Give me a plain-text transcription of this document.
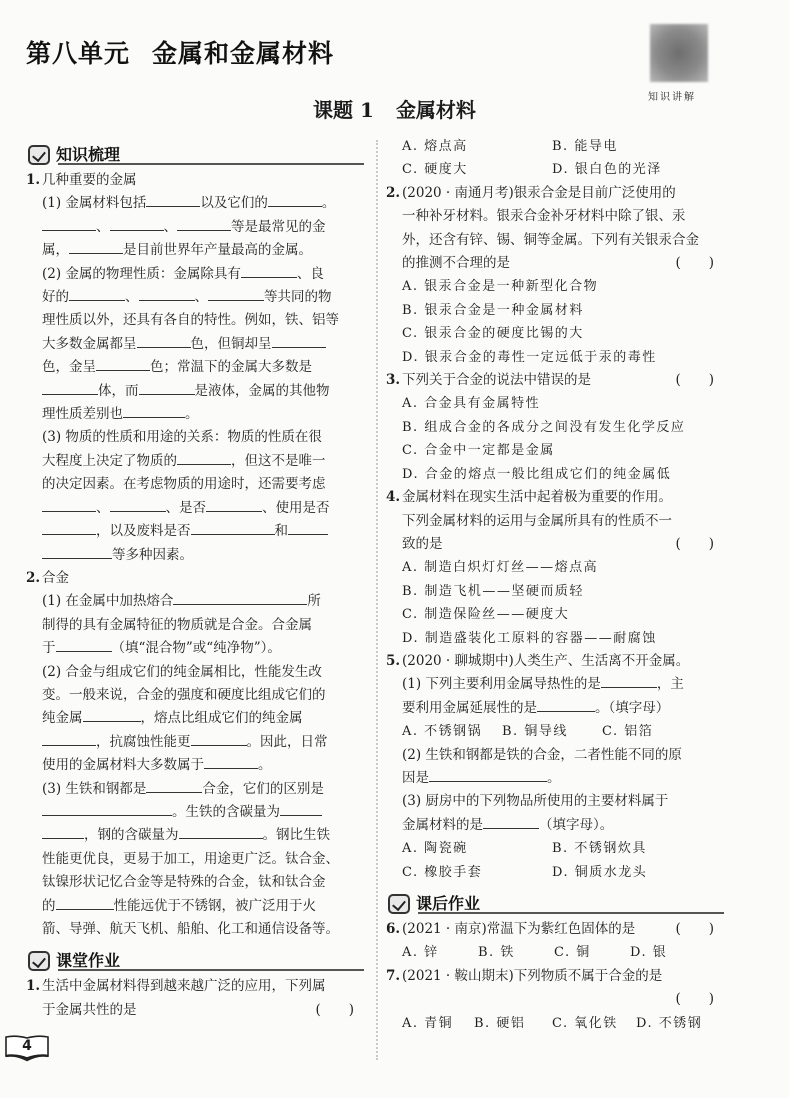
第八单元 金属和金属材料
知识讲解
课题 1 金属材料
知识梳理
1. 几种重要的金属
(1) 金属材料包括	以及它们的	。
、	、	等是最常见的金
属，	是目前世界年产量最高的金属。
(2) 金属的物理性质：金属除具有	、良
好的	、	、	等共同的物
理性质以外，还具有各自的特性。例如，铁、铝等
大多数金属都呈	色，但铜却呈
色，金呈	色；常温下的金属大多数是
体，而	是液体，金属的其他物
理性质差别也	。
(3) 物质的性质和用途的关系：物质的性质在很
大程度上决定了物质的	，但这不是唯一
的决定因素。在考虑物质的用途时，还需要考虑
、	、是否	、使用是否
，以及废料是否	和
等多种因素。
2. 合金
(1) 在金属中加热熔合	所
制得的具有金属特征的物质就是合金。合金属
于	（填“混合物”或“纯净物”）。
(2) 合金与组成它们的纯金属相比，性能发生改
变。一般来说，合金的强度和硬度比组成它们的
纯金属	，熔点比组成它们的纯金属
，抗腐蚀性能更	。因此，日常
使用的金属材料大多数属于	。
(3) 生铁和钢都是	合金，它们的区别是
。生铁的含碳量为
，钢的含碳量为	。钢比生铁
性能更优良，更易于加工，用途更广泛。钛合金、
钛镍形状记忆合金等是特殊的合金，钛和钛合金
的	性能远优于不锈钢，被广泛用于火
箭、导弹、航天飞机、船舶、化工和通信设备等。
课堂作业
1. 生活中金属材料得到越来越广泛的应用，下列属
于金属共性的是	( )
A. 熔点高	B. 能导电
C. 硬度大	D. 银白色的光泽
2. (2020 · 南通月考)银汞合金是目前广泛使用的
一种补牙材料。银汞合金补牙材料中除了银、汞
外，还含有锌、锡、铜等金属。下列有关银汞合金
的推测不合理的是	( )
A. 银汞合金是一种新型化合物
B. 银汞合金是一种金属材料
C. 银汞合金的硬度比锡的大
D. 银汞合金的毒性一定远低于汞的毒性
3. 下列关于合金的说法中错误的是	( )
A. 合金具有金属特性
B. 组成合金的各成分之间没有发生化学反应
C. 合金中一定都是金属
D. 合金的熔点一般比组成它们的纯金属低
4. 金属材料在现实生活中起着极为重要的作用。
下列金属材料的运用与金属所具有的性质不一
致的是	( )
A. 制造白炽灯灯丝——熔点高
B. 制造飞机——坚硬而质轻
C. 制造保险丝——硬度大
D. 制造盛装化工原料的容器——耐腐蚀
5. (2020 · 聊城期中)人类生产、生活离不开金属。
(1) 下列主要利用金属导热性的是	，主
要利用金属延展性的是	。（填字母）
A. 不锈钢锅	B. 铜导线	C. 铝箔
(2) 生铁和钢都是铁的合金，二者性能不同的原
因是	。
(3) 厨房中的下列物品所使用的主要材料属于
金属材料的是	（填字母）。
A. 陶瓷碗	B. 不锈钢炊具
C. 橡胶手套	D. 铜质水龙头
课后作业
6. (2021 · 南京)常温下为紫红色固体的是	( )
A. 锌	B. 铁	C. 铜	D. 银
7. (2021 · 鞍山期末)下列物质不属于合金的是

( )
A. 青铜	B. 硬铝	C. 氧化铁	D. 不锈钢
4
